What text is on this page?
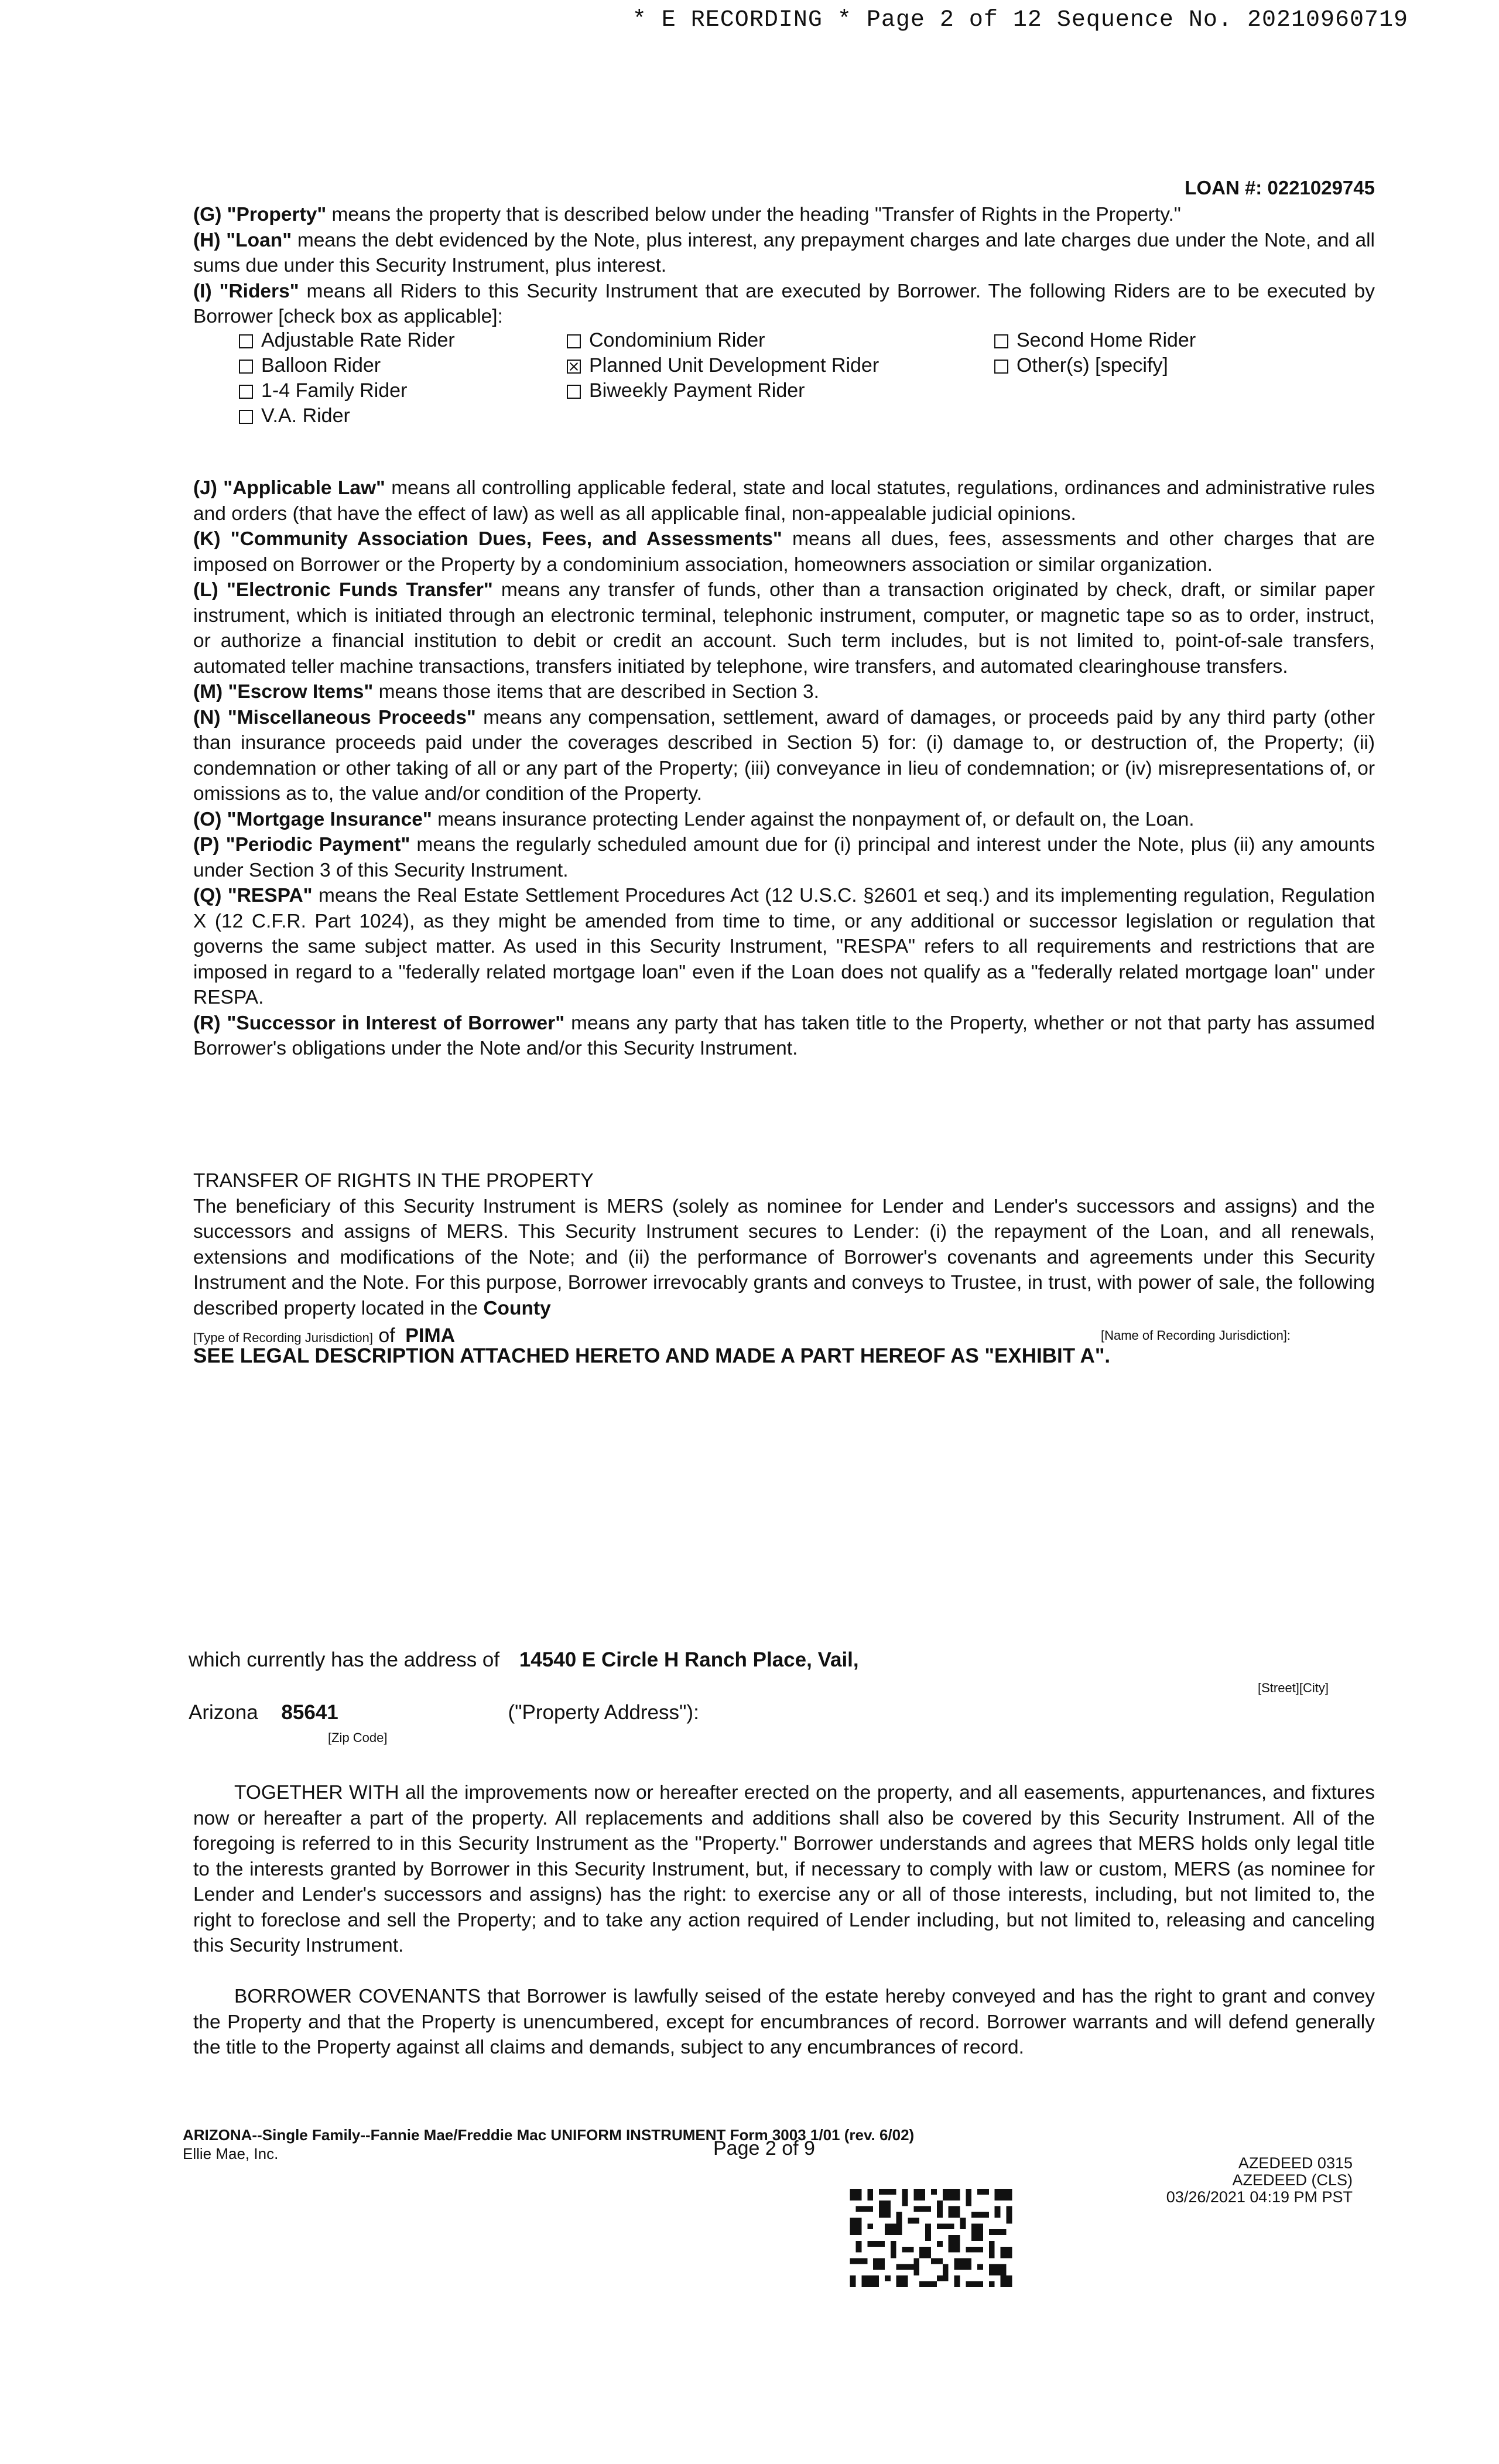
* E RECORDING * Page 2 of 12 Sequence No. 20210960719
LOAN #: 0221029745

(G) "Property" means the property that is described below under the heading "Transfer of Rights in the Property."

(H) "Loan" means the debt evidenced by the Note, plus interest, any prepayment charges and late charges due under the Note, and all sums due under this Security Instrument, plus interest.

(I) "Riders" means all Riders to this Security Instrument that are executed by Borrower. The following Riders are to be executed by Borrower [check box as applicable]:

Adjustable Rate Rider	Condominium Rider	Second Home Rider
Balloon Rider	Planned Unit Development Rider	Other(s) [specify]
1-4 Family Rider	Biweekly Payment Rider
V.A. Rider

(J) "Applicable Law" means all controlling applicable federal, state and local statutes, regulations, ordinances and administrative rules and orders (that have the effect of law) as well as all applicable final, non-appealable judicial opinions.

(K) "Community Association Dues, Fees, and Assessments" means all dues, fees, assessments and other charges that are imposed on Borrower or the Property by a condominium association, homeowners association or similar organization.

(L) "Electronic Funds Transfer" means any transfer of funds, other than a transaction originated by check, draft, or similar paper instrument, which is initiated through an electronic terminal, telephonic instrument, computer, or magnetic tape so as to order, instruct, or authorize a financial institution to debit or credit an account. Such term includes, but is not limited to, point-of-sale transfers, automated teller machine transactions, transfers initiated by telephone, wire transfers, and automated clearinghouse transfers.

(M) "Escrow Items" means those items that are described in Section 3.

(N) "Miscellaneous Proceeds" means any compensation, settlement, award of damages, or proceeds paid by any third party (other than insurance proceeds paid under the coverages described in Section 5) for: (i) damage to, or destruction of, the Property; (ii) condemnation or other taking of all or any part of the Property; (iii) conveyance in lieu of condemnation; or (iv) misrepresentations of, or omissions as to, the value and/or condition of the Property.

(O) "Mortgage Insurance" means insurance protecting Lender against the nonpayment of, or default on, the Loan.

(P) "Periodic Payment" means the regularly scheduled amount due for (i) principal and interest under the Note, plus (ii) any amounts under Section 3 of this Security Instrument.

(Q) "RESPA" means the Real Estate Settlement Procedures Act (12 U.S.C. §2601 et seq.) and its implementing regulation, Regulation X (12 C.F.R. Part 1024), as they might be amended from time to time, or any additional or successor legislation or regulation that governs the same subject matter. As used in this Security Instrument, "RESPA" refers to all requirements and restrictions that are imposed in regard to a "federally related mortgage loan" even if the Loan does not qualify as a "federally related mortgage loan" under RESPA.

(R) "Successor in Interest of Borrower" means any party that has taken title to the Property, whether or not that party has assumed Borrower's obligations under the Note and/or this Security Instrument.

TRANSFER OF RIGHTS IN THE PROPERTY

The beneficiary of this Security Instrument is MERS (solely as nominee for Lender and Lender's successors and assigns) and the successors and assigns of MERS. This Security Instrument secures to Lender: (i) the repayment of the Loan, and all renewals, extensions and modifications of the Note; and (ii) the performance of Borrower's covenants and agreements under this Security Instrument and the Note. For this purpose, Borrower irrevocably grants and conveys to Trustee, in trust, with power of sale, the following described property located in the County

[Type of Recording Jurisdiction] of PIMA	[Name of Recording Jurisdiction]:
SEE LEGAL DESCRIPTION ATTACHED HERETO AND MADE A PART HEREOF AS "EXHIBIT A".
which currently has the address of 14540 E Circle H Ranch Place, Vail,
[Street][City]
Arizona 85641	("Property Address"):
[Zip Code]

TOGETHER WITH all the improvements now or hereafter erected on the property, and all easements, appurtenances, and fixtures now or hereafter a part of the property. All replacements and additions shall also be covered by this Security Instrument. All of the foregoing is referred to in this Security Instrument as the "Property." Borrower understands and agrees that MERS holds only legal title to the interests granted by Borrower in this Security Instrument, but, if necessary to comply with law or custom, MERS (as nominee for Lender and Lender's successors and assigns) has the right: to exercise any or all of those interests, including, but not limited to, the right to foreclose and sell the Property; and to take any action required of Lender including, but not limited to, releasing and canceling this Security Instrument.

BORROWER COVENANTS that Borrower is lawfully seised of the estate hereby conveyed and has the right to grant and convey the Property and that the Property is unencumbered, except for encumbrances of record. Borrower warrants and will defend generally the title to the Property against all claims and demands, subject to any encumbrances of record.

ARIZONA--Single Family--Fannie Mae/Freddie Mac UNIFORM INSTRUMENT Form 3003 1/01 (rev. 6/02)
Ellie Mae, Inc.	Page 2 of 9
AZEDEED 0315
AZEDEED (CLS)
03/26/2021 04:19 PM PST
